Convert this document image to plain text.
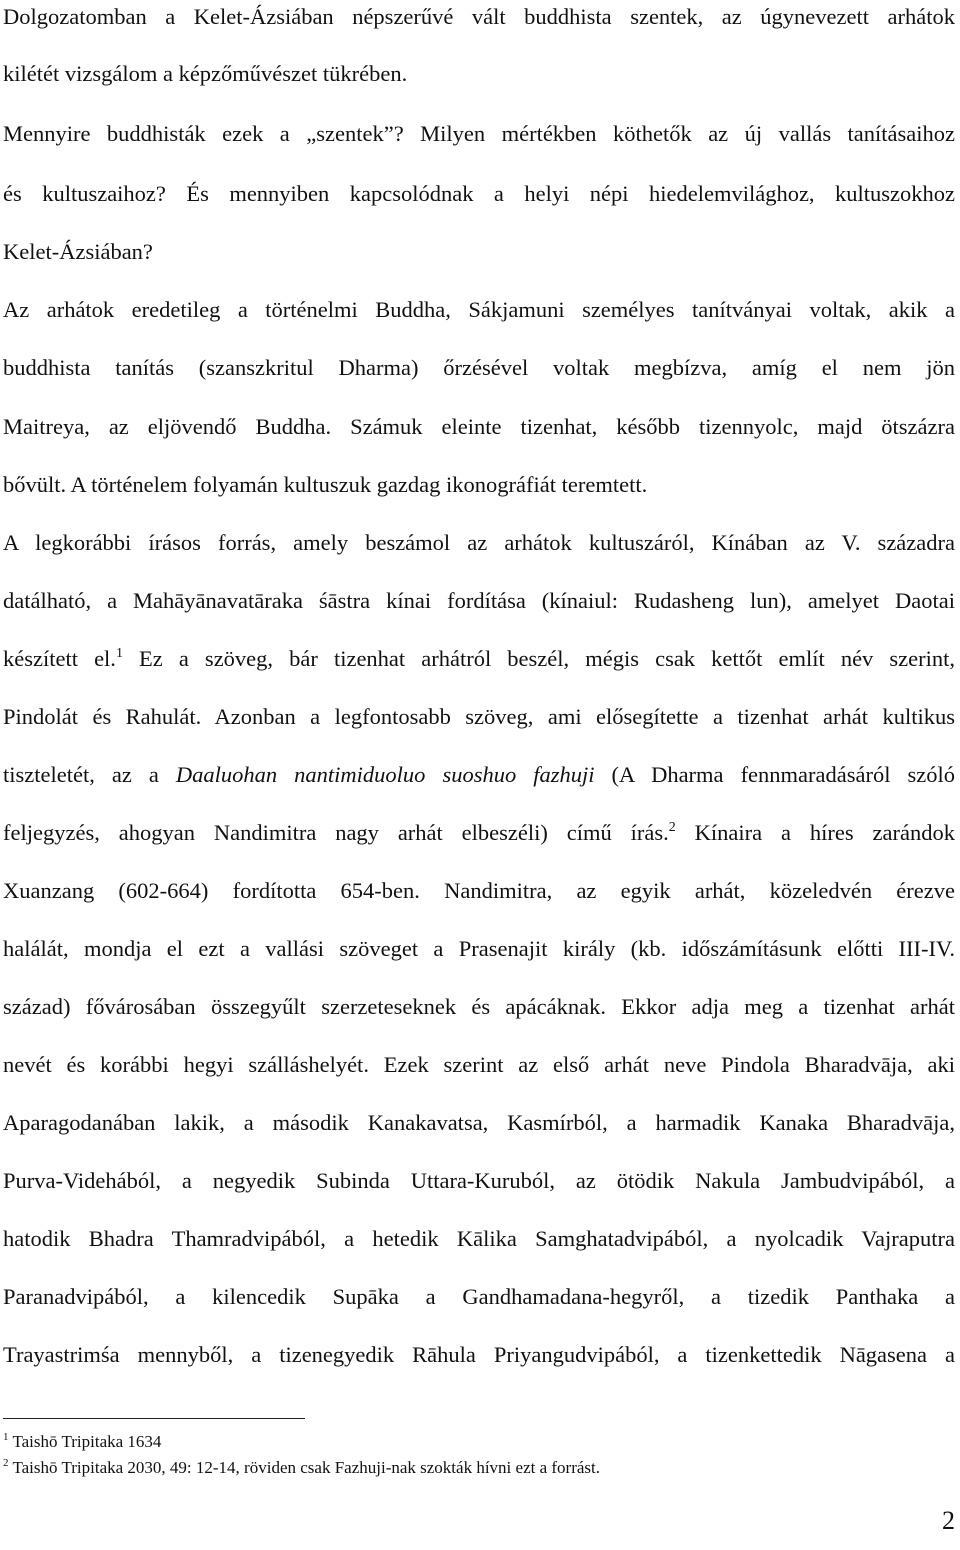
Dolgozatomban a Kelet-Ázsiában népszerűvé vált buddhista szentek, az úgynevezett arhátok
kilétét vizsgálom a képzőművészet tükrében.
Mennyire buddhisták ezek a „szentek”? Milyen mértékben köthetők az új vallás tanításaihoz
és kultuszaihoz? És mennyiben kapcsolódnak a helyi népi hiedelemvilághoz, kultuszokhoz
Kelet-Ázsiában?
Az arhátok eredetileg a történelmi Buddha, Sákjamuni személyes tanítványai voltak, akik a
buddhista tanítás (szanszkritul Dharma) őrzésével voltak megbízva, amíg el nem jön
Maitreya, az eljövendő Buddha. Számuk eleinte tizenhat, később tizennyolc, majd ötszázra
bővült. A történelem folyamán kultuszuk gazdag ikonográfiát teremtett.
A legkorábbi írásos forrás, amely beszámol az arhátok kultuszáról, Kínában az V. századra
datálható, a Mahāyānavatāraka śāstra kínai fordítása (kínaiul: Rudasheng lun), amelyet Daotai
készített el.$^1$ Ez a szöveg, bár tizenhat arhátról beszél, mégis csak kettőt említ név szerint,
Pindolát és Rahulát. Azonban a legfontosabb szöveg, ami elősegítette a tizenhat arhát kultikus
tiszteletét, az a Daaluohan nantimiduoluo suoshuo fazhuji (A Dharma fennmaradásáról szóló
feljegyzés, ahogyan Nandimitra nagy arhát elbeszéli) című írás.$^2$ Kínaira a híres zarándok
Xuanzang (602-664) fordította 654-ben. Nandimitra, az egyik arhát, közeledvén érezve
halálát, mondja el ezt a vallási szöveget a Prasenajit király (kb. időszámításunk előtti III-IV.
század) fővárosában összegyűlt szerzeteseknek és apácáknak. Ekkor adja meg a tizenhat arhát
nevét és korábbi hegyi szálláshelyét. Ezek szerint az első arhát neve Pindola Bharadvāja, aki
Aparagodanában lakik, a második Kanakavatsa, Kasmírból, a harmadik Kanaka Bharadvāja,
Purva-Videhából, a negyedik Subinda Uttara-Kuruból, az ötödik Nakula Jambudvipából, a
hatodik Bhadra Thamradvipából, a hetedik Kālika Samghatadvipából, a nyolcadik Vajraputra
Paranadvipából, a kilencedik Supāka a Gandhamadana-hegyről, a tizedik Panthaka a
Trayastrimśa mennyből, a tizenegyedik Rāhula Priyangudvipából, a tizenkettedik Nāgasena a
$^1$ Taishō Tripitaka 1634
$^2$ Taishō Tripitaka 2030, 49: 12-14, röviden csak Fazhuji-nak szokták hívni ezt a forrást.
2
